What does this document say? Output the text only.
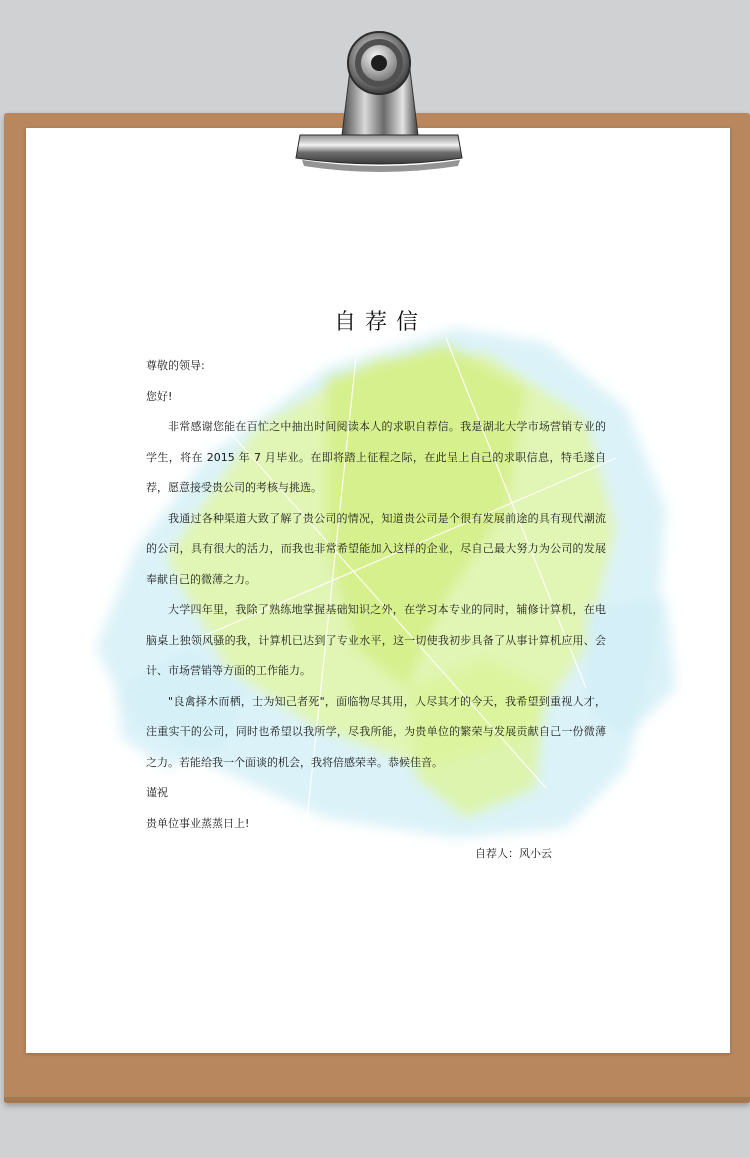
自荐信

尊敬的领导:

您好!

非常感谢您能在百忙之中抽出时间阅读本人的求职自荐信。我是湖北大学市场营销专业的学生，将在 2015 年 7 月毕业。在即将踏上征程之际，在此呈上自己的求职信息，特毛遂自荐，愿意接受贵公司的考核与挑选。

我通过各种渠道大致了解了贵公司的情况，知道贵公司是个很有发展前途的具有现代潮流的公司，具有很大的活力，而我也非常希望能加入这样的企业，尽自己最大努力为公司的发展奉献自己的微薄之力。

大学四年里，我除了熟练地掌握基础知识之外，在学习本专业的同时，辅修计算机，在电脑桌上独领风骚的我，计算机已达到了专业水平，这一切使我初步具备了从事计算机应用、会计、市场营销等方面的工作能力。

"良禽择木而栖，士为知己者死"，面临物尽其用，人尽其才的今天，我希望到重视人才，注重实干的公司，同时也希望以我所学，尽我所能，为贵单位的繁荣与发展贡献自己一份微薄之力。若能给我一个面谈的机会，我将倍感荣幸。恭候佳音。

谨祝

贵单位事业蒸蒸日上!

自荐人：风小云
